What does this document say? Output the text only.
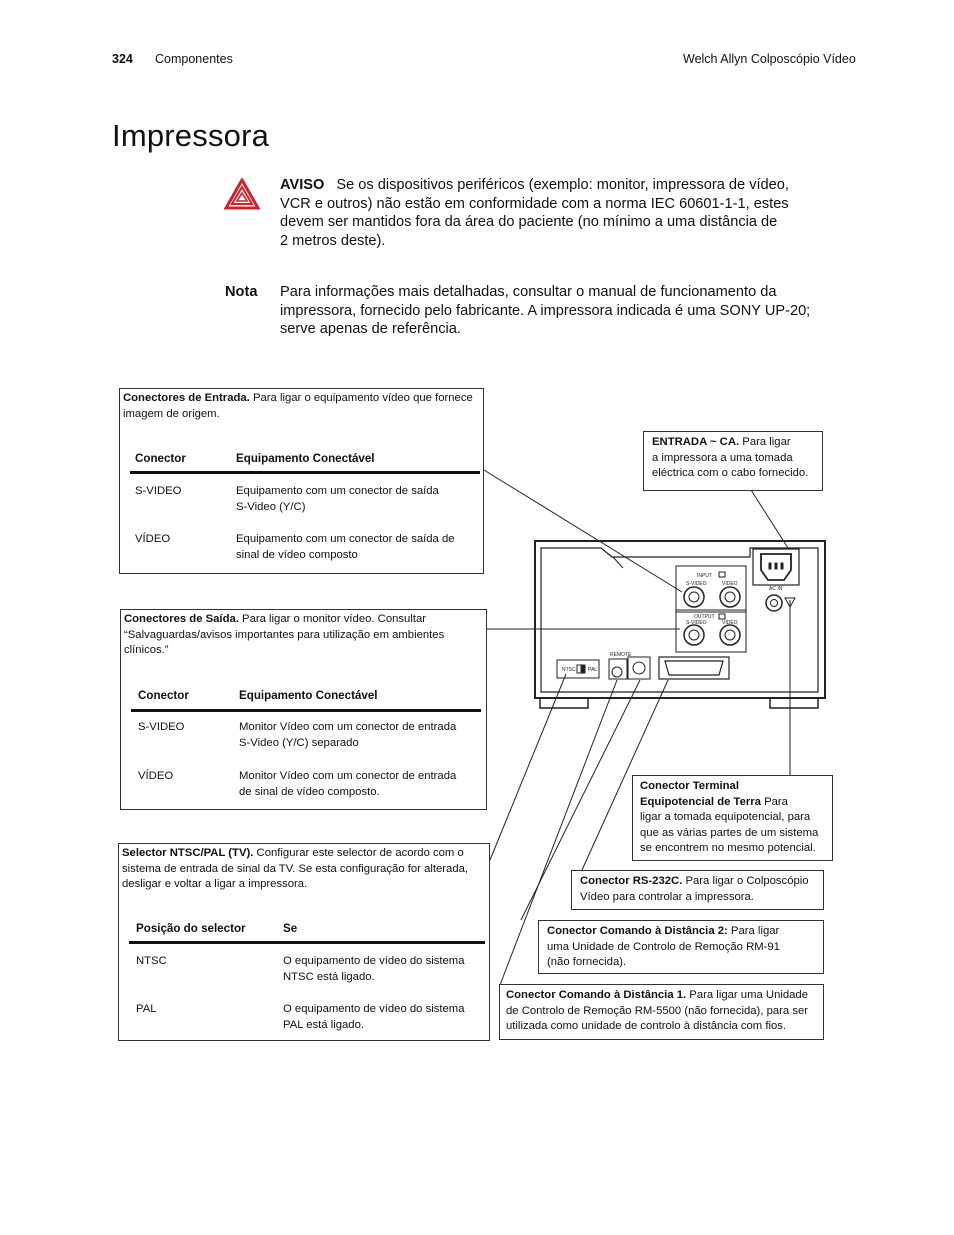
324 Componentes	Welch Allyn Colposcópio Vídeo
Impressora
AVISO Se os dispositivos periféricos (exemplo: monitor, impressora de vídeo,
VCR e outros) não estão em conformidade com a norma IEC 60601-1-1, estes
devem ser mantidos fora da área do paciente (no mínimo a uma distância de
2 metros deste).
Nota Para informações mais detalhadas, consultar o manual de funcionamento da
impressora, fornecido pelo fabricante. A impressora indicada é uma SONY UP-20;
serve apenas de referência.
INPUT
S-VIDEO	VIDEO
OUTPUT
S-VIDEO	VIDEO
AC IN
REMOTE
NTSC PAL
Conectores de Entrada. Para ligar o equipamento vídeo que fornece
imagem de origem.
Conector	Equipamento Conectável
S-VIDEO	Equipamento com um conector de saída
S-Video (Y/C)
VÍDEO	Equipamento com um conector de saída de
sinal de vídeo composto
Conectores de Saída. Para ligar o monitor vídeo. Consultar
“Salvaguardas/avisos importantes para utilização em ambientes
clínicos.”
Conector	Equipamento Conectável
S-VIDEO	Monitor Vídeo com um conector de entrada
S-Video (Y/C) separado
VÍDEO	Monitor Vídeo com um conector de entrada
de sinal de vídeo composto.
Selector NTSC/PAL (TV). Configurar este selector de acordo com o
sistema de entrada de sinal da TV. Se esta configuração for alterada,
desligar e voltar a ligar a impressora.
Posição do selector	Se
NTSC	O equipamento de vídeo do sistema
NTSC está ligado.
PAL	O equipamento de vídeo do sistema
PAL está ligado.
ENTRADA ~ CA. Para ligar
a impressora a uma tomada
eléctrica com o cabo fornecido.
Conector Terminal
Equipotencial de Terra Para
ligar a tomada equipotencial, para
que as várias partes de um sistema
se encontrem no mesmo potencial.
Conector RS-232C. Para ligar o Colposcópio
Vídeo para controlar a impressora.
Conector Comando à Distância 2: Para ligar
uma Unidade de Controlo de Remoção RM-91
(não fornecida).
Conector Comando à Distância 1. Para ligar uma Unidade
de Controlo de Remoção RM-5500 (não fornecida), para ser
utilizada como unidade de controlo à distância com fios.
